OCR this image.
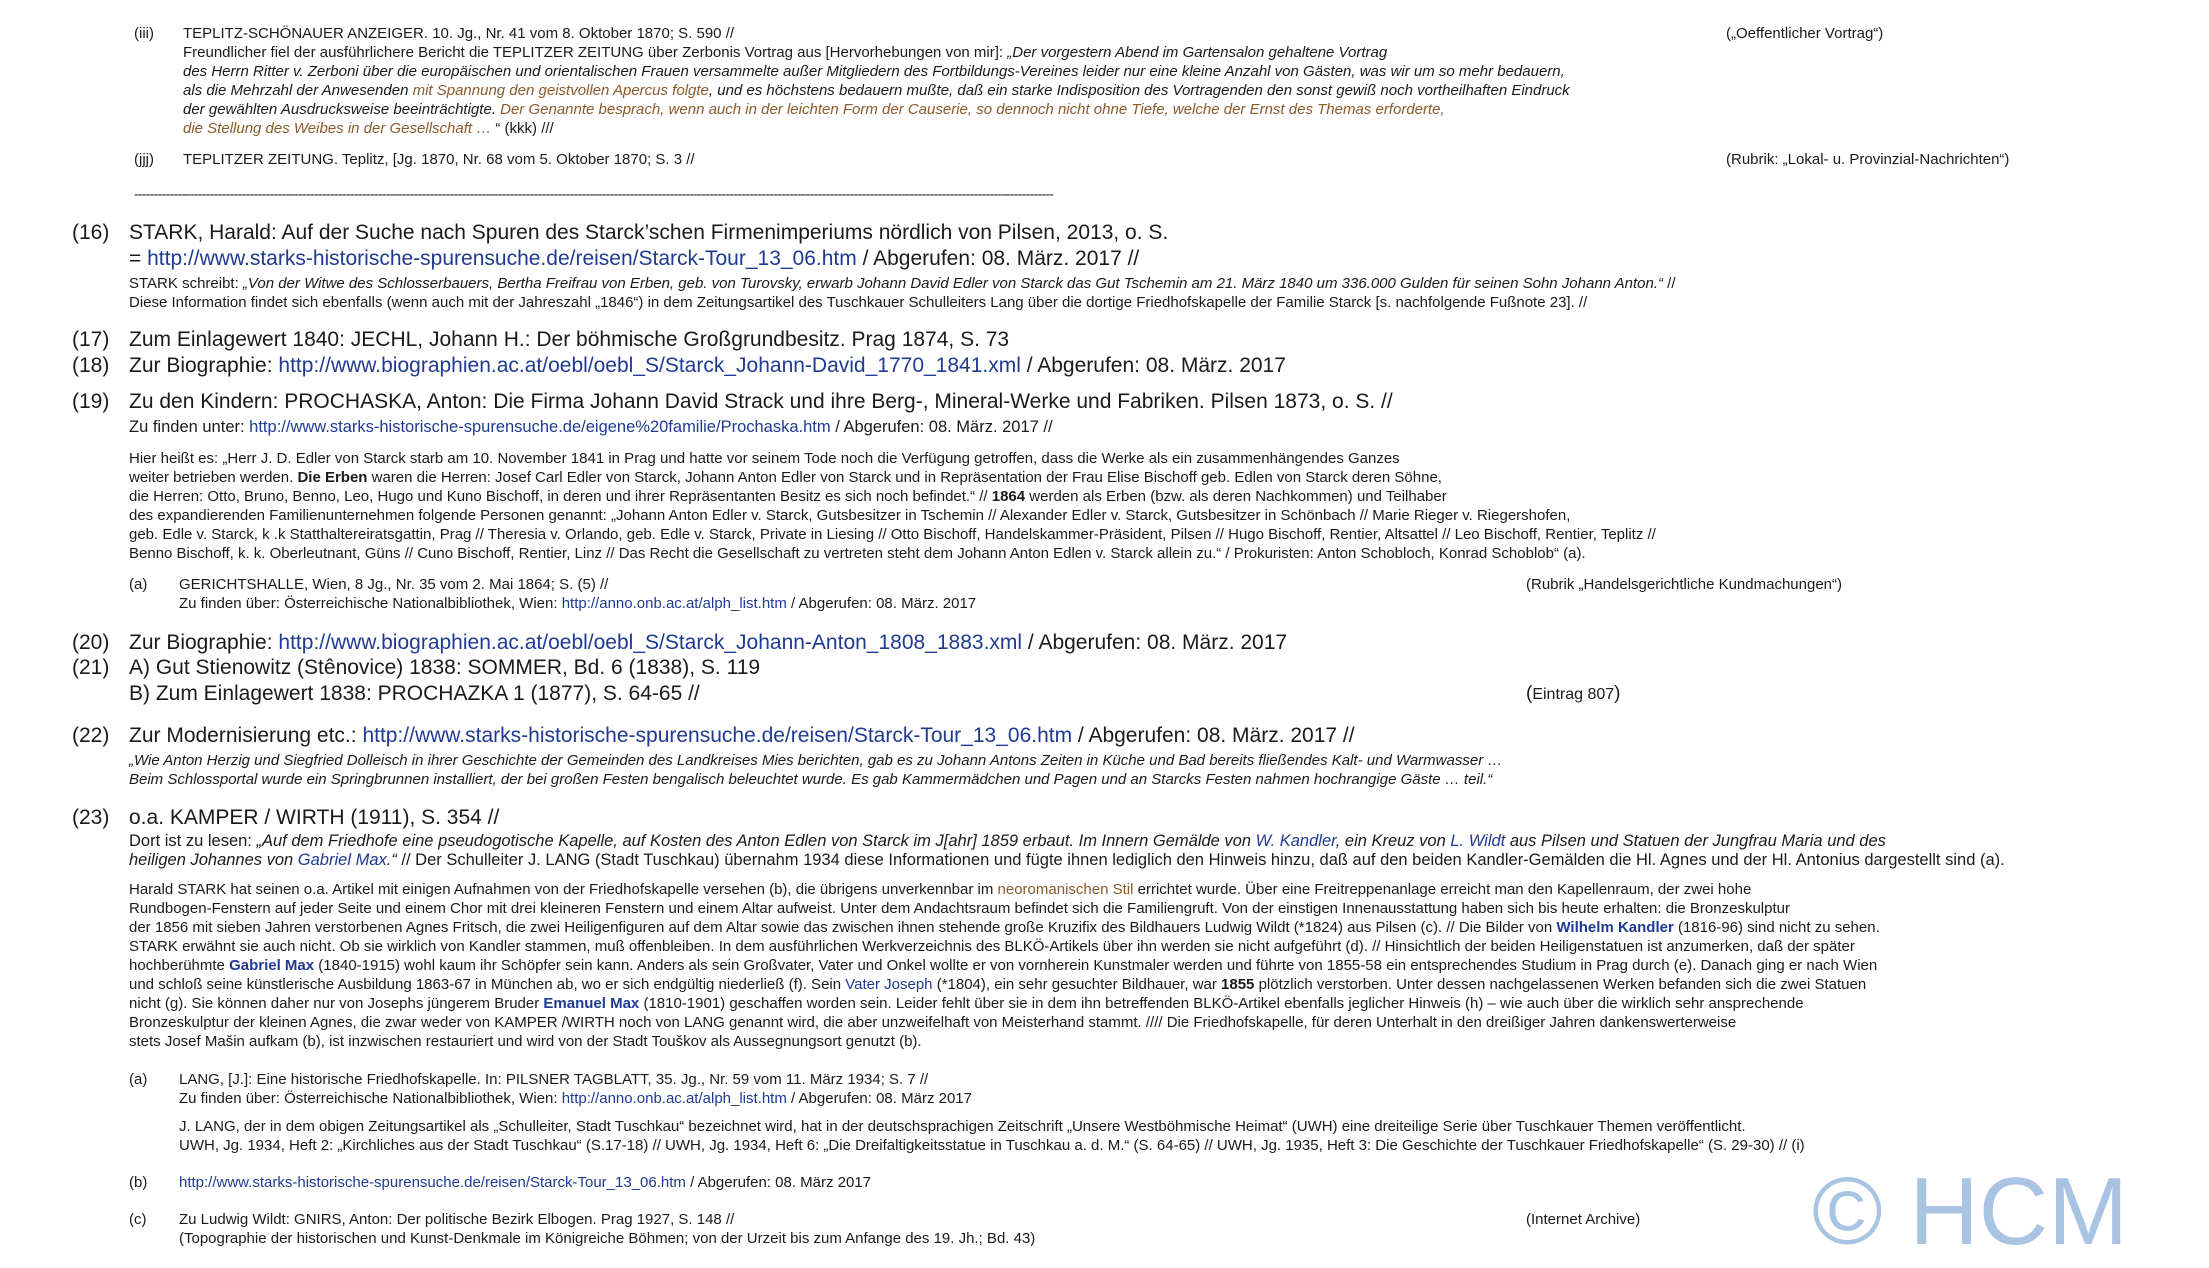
(iii) TEPLITZ-SCHÖNAUER ANZEIGER. 10. Jg., Nr. 41 vom 8. Oktober 1870; S. 590 //	(„Oeffentlicher Vortrag“)
Freundlicher fiel der ausführlichere Bericht die TEPLITZER ZEITUNG über Zerbonis Vortrag aus [Hervorhebungen von mir]: „Der vorgestern Abend im Gartensalon gehaltene Vortrag
des Herrn Ritter v. Zerboni über die europäischen und orientalischen Frauen versammelte außer Mitgliedern des Fortbildungs-Vereines leider nur eine kleine Anzahl von Gästen, was wir um so mehr bedauern,
als die Mehrzahl der Anwesenden mit Spannung den geistvollen Apercus folgte, und es höchstens bedauern mußte, daß ein starke Indisposition des Vortragenden den sonst gewiß noch vortheilhaften Eindruck
der gewählten Ausdrucksweise beeinträchtigte. Der Genannte besprach, wenn auch in der leichten Form der Causerie, so dennoch nicht ohne Tiefe, welche der Ernst des Themas erforderte,
die Stellung des Weibes in der Gesellschaft … “ (kkk) ///
(jjj) TEPLITZER ZEITUNG. Teplitz, [Jg. 1870, Nr. 68 vom 5. Oktober 1870; S. 3 //	(Rubrik: „Lokal- u. Provinzial-Nachrichten“)
--------------------------------------------------------------------------------------------------------------------------------------------------------------------------------------------------------------------------------------
(16) STARK, Harald: Auf der Suche nach Spuren des Starck’schen Firmenimperiums nördlich von Pilsen, 2013, o. S.
= http://www.starks-historische-spurensuche.de/reisen/Starck-Tour_13_06.htm / Abgerufen: 08. März. 2017 //
STARK schreibt: „Von der Witwe des Schlosserbauers, Bertha Freifrau von Erben, geb. von Turovsky, erwarb Johann David Edler von Starck das Gut Tschemin am 21. März 1840 um 336.000 Gulden für seinen Sohn Johann Anton.“ //
Diese Information findet sich ebenfalls (wenn auch mit der Jahreszahl „1846“) in dem Zeitungsartikel des Tuschkauer Schulleiters Lang über die dortige Friedhofskapelle der Familie Starck [s. nachfolgende Fußnote 23]. //
(17) Zum Einlagewert 1840: JECHL, Johann H.: Der böhmische Großgrundbesitz. Prag 1874, S. 73
(18) Zur Biographie: http://www.biographien.ac.at/oebl/oebl_S/Starck_Johann-David_1770_1841.xml / Abgerufen: 08. März. 2017
(19) Zu den Kindern: PROCHASKA, Anton: Die Firma Johann David Strack und ihre Berg-, Mineral-Werke und Fabriken. Pilsen 1873, o. S. //
Zu finden unter: http://www.starks-historische-spurensuche.de/eigene%20familie/Prochaska.htm / Abgerufen: 08. März. 2017 //
Hier heißt es: „Herr J. D. Edler von Starck starb am 10. November 1841 in Prag und hatte vor seinem Tode noch die Verfügung getroffen, dass die Werke als ein zusammenhängendes Ganzes
weiter betrieben werden. Die Erben waren die Herren: Josef Carl Edler von Starck, Johann Anton Edler von Starck und in Repräsentation der Frau Elise Bischoff geb. Edlen von Starck deren Söhne,
die Herren: Otto, Bruno, Benno, Leo, Hugo und Kuno Bischoff, in deren und ihrer Repräsentanten Besitz es sich noch befindet.“ // 1864 werden als Erben (bzw. als deren Nachkommen) und Teilhaber
des expandierenden Familienunternehmen folgende Personen genannt: „Johann Anton Edler v. Starck, Gutsbesitzer in Tschemin // Alexander Edler v. Starck, Gutsbesitzer in Schönbach // Marie Rieger v. Riegershofen,
geb. Edle v. Starck, k .k Statthaltereiratsgattin, Prag // Theresia v. Orlando, geb. Edle v. Starck, Private in Liesing // Otto Bischoff, Handelskammer-Präsident, Pilsen // Hugo Bischoff, Rentier, Altsattel // Leo Bischoff, Rentier, Teplitz //
Benno Bischoff, k. k. Oberleutnant, Güns // Cuno Bischoff, Rentier, Linz // Das Recht die Gesellschaft zu vertreten steht dem Johann Anton Edlen v. Starck allein zu.“ / Prokuristen: Anton Schobloch, Konrad Schoblob“ (a).
(a) GERICHTSHALLE, Wien, 8 Jg., Nr. 35 vom 2. Mai 1864; S. (5) //	(Rubrik „Handelsgerichtliche Kundmachungen“)
Zu finden über: Österreichische Nationalbibliothek, Wien: http://anno.onb.ac.at/alph_list.htm / Abgerufen: 08. März. 2017
(20) Zur Biographie: http://www.biographien.ac.at/oebl/oebl_S/Starck_Johann-Anton_1808_1883.xml / Abgerufen: 08. März. 2017
(21) A) Gut Stienowitz (Stênovice) 1838: SOMMER, Bd. 6 (1838), S. 119
B) Zum Einlagewert 1838: PROCHAZKA 1 (1877), S. 64-65 //	(Eintrag 807)
(22) Zur Modernisierung etc.: http://www.starks-historische-spurensuche.de/reisen/Starck-Tour_13_06.htm / Abgerufen: 08. März. 2017 //
„Wie Anton Herzig und Siegfried Dolleisch in ihrer Geschichte der Gemeinden des Landkreises Mies berichten, gab es zu Johann Antons Zeiten in Küche und Bad bereits fließendes Kalt- und Warmwasser …
Beim Schlossportal wurde ein Springbrunnen installiert, der bei großen Festen bengalisch beleuchtet wurde. Es gab Kammermädchen und Pagen und an Starcks Festen nahmen hochrangige Gäste … teil.“
(23) o.a. KAMPER / WIRTH (1911), S. 354 //
Dort ist zu lesen: „Auf dem Friedhofe eine pseudogotische Kapelle, auf Kosten des Anton Edlen von Starck im J[ahr] 1859 erbaut. Im Innern Gemälde von W. Kandler, ein Kreuz von L. Wildt aus Pilsen und Statuen der Jungfrau Maria und des
heiligen Johannes von Gabriel Max.“ // Der Schulleiter J. LANG (Stadt Tuschkau) übernahm 1934 diese Informationen und fügte ihnen lediglich den Hinweis hinzu, daß auf den beiden Kandler-Gemälden die Hl. Agnes und der Hl. Antonius dargestellt sind (a).
Harald STARK hat seinen o.a. Artikel mit einigen Aufnahmen von der Friedhofskapelle versehen (b), die übrigens unverkennbar im neoromanischen Stil errichtet wurde. Über eine Freitreppenanlage erreicht man den Kapellenraum, der zwei hohe
Rundbogen-Fenstern auf jeder Seite und einem Chor mit drei kleineren Fenstern und einem Altar aufweist. Unter dem Andachtsraum befindet sich die Familiengruft. Von der einstigen Innenausstattung haben sich bis heute erhalten: die Bronzeskulptur
der 1856 mit sieben Jahren verstorbenen Agnes Fritsch, die zwei Heiligenfiguren auf dem Altar sowie das zwischen ihnen stehende große Kruzifix des Bildhauers Ludwig Wildt (*1824) aus Pilsen (c). // Die Bilder von Wilhelm Kandler (1816-96) sind nicht zu sehen.
STARK erwähnt sie auch nicht. Ob sie wirklich von Kandler stammen, muß offenbleiben. In dem ausführlichen Werkverzeichnis des BLKÖ-Artikels über ihn werden sie nicht aufgeführt (d). // Hinsichtlich der beiden Heiligenstatuen ist anzumerken, daß der später
hochberühmte Gabriel Max (1840-1915) wohl kaum ihr Schöpfer sein kann. Anders als sein Großvater, Vater und Onkel wollte er von vornherein Kunstmaler werden und führte von 1855-58 ein entsprechendes Studium in Prag durch (e). Danach ging er nach Wien
und schloß seine künstlerische Ausbildung 1863-67 in München ab, wo er sich endgültig niederließ (f). Sein Vater Joseph (*1804), ein sehr gesuchter Bildhauer, war 1855 plötzlich verstorben. Unter dessen nachgelassenen Werken befanden sich die zwei Statuen
nicht (g). Sie können daher nur von Josephs jüngerem Bruder Emanuel Max (1810-1901) geschaffen worden sein. Leider fehlt über sie in dem ihn betreffenden BLKÖ-Artikel ebenfalls jeglicher Hinweis (h) – wie auch über die wirklich sehr ansprechende
Bronzeskulptur der kleinen Agnes, die zwar weder von KAMPER /WIRTH noch von LANG genannt wird, die aber unzweifelhaft von Meisterhand stammt. //// Die Friedhofskapelle, für deren Unterhalt in den dreißiger Jahren dankenswerterweise
stets Josef Mašin aufkam (b), ist inzwischen restauriert und wird von der Stadt Touškov als Aussegnungsort genutzt (b).
(a) LANG, [J.]: Eine historische Friedhofskapelle. In: PILSNER TAGBLATT, 35. Jg., Nr. 59 vom 11. März 1934; S. 7 //
Zu finden über: Österreichische Nationalbibliothek, Wien: http://anno.onb.ac.at/alph_list.htm / Abgerufen: 08. März 2017
J. LANG, der in dem obigen Zeitungsartikel als „Schulleiter, Stadt Tuschkau“ bezeichnet wird, hat in der deutschsprachigen Zeitschrift „Unsere Westböhmische Heimat“ (UWH) eine dreiteilige Serie über Tuschkauer Themen veröffentlicht.
UWH, Jg. 1934, Heft 2: „Kirchliches aus der Stadt Tuschkau“ (S.17-18) // UWH, Jg. 1934, Heft 6: „Die Dreifaltigkeitsstatue in Tuschkau a. d. M.“ (S. 64-65) // UWH, Jg. 1935, Heft 3: Die Geschichte der Tuschkauer Friedhofskapelle“ (S. 29-30) // (i)
(b) http://www.starks-historische-spurensuche.de/reisen/Starck-Tour_13_06.htm / Abgerufen: 08. März 2017
(c) Zu Ludwig Wildt: GNIRS, Anton: Der politische Bezirk Elbogen. Prag 1927, S. 148 //	(Internet Archive)
(Topographie der historischen und Kunst-Denkmale im Königreiche Böhmen; von der Urzeit bis zum Anfange des 19. Jh.; Bd. 43)	© HCM
